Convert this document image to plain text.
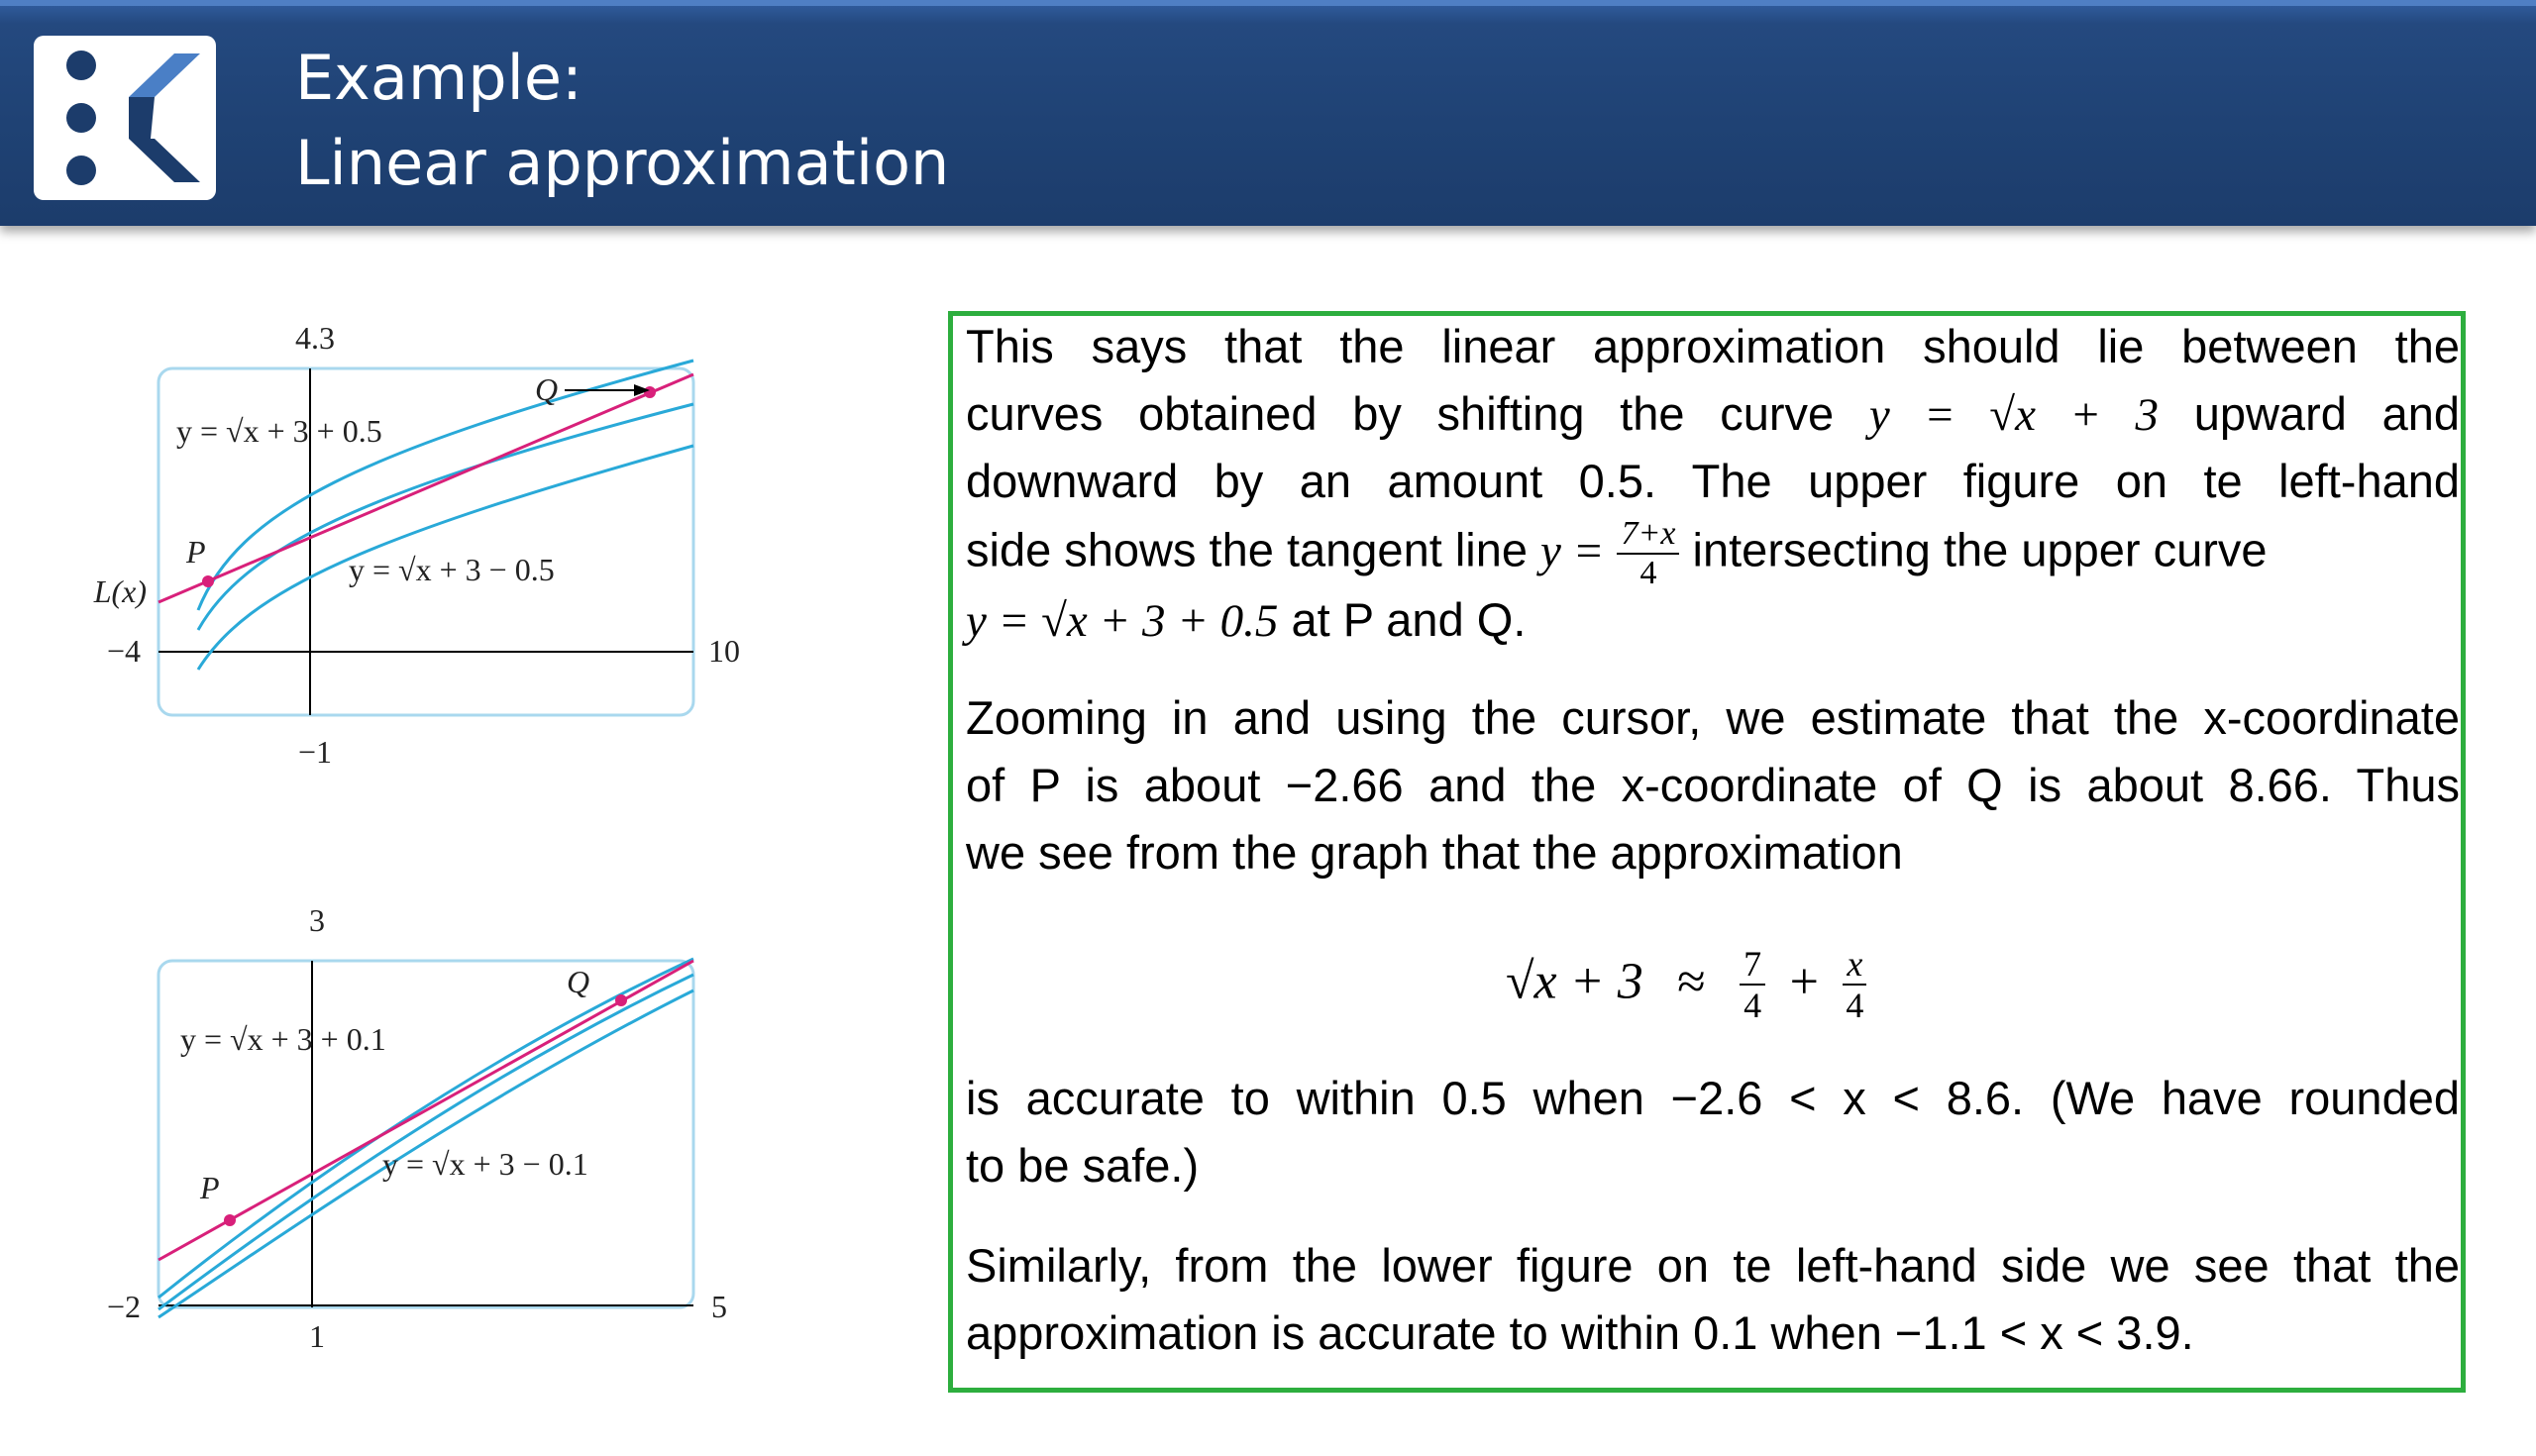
Example:
Linear approximation
4.3
−1
−4	10
L(x)
P
Q
y = √x + 3 + 0.5
y = √x + 3 − 0.5
3
1
−2	5
P
Q
y = √x + 3 + 0.1
y = √x + 3 − 0.1
This says that the linear approximation should lie between the
curves obtained by shifting the curve y = √x + 3 upward and
downward by an amount 0.5. The upper figure on te left-hand
side shows the tangent line $y = \frac{7+x}{4}$ intersecting the upper curve
y = √x + 3 + 0.5 at P and Q.
Zooming in and using the cursor, we estimate that the x-coordinate
of P is about −2.66 and the x-coordinate of Q is about 8.66. Thus
we see from the graph that the approximation
$√x + 3 \approx \frac{7}{4} + \frac{x}{4}$
is accurate to within 0.5 when −2.6 < x < 8.6. (We have rounded
to be safe.)
Similarly, from the lower figure on te left-hand side we see that the
approximation is accurate to within 0.1 when −1.1 < x < 3.9.
